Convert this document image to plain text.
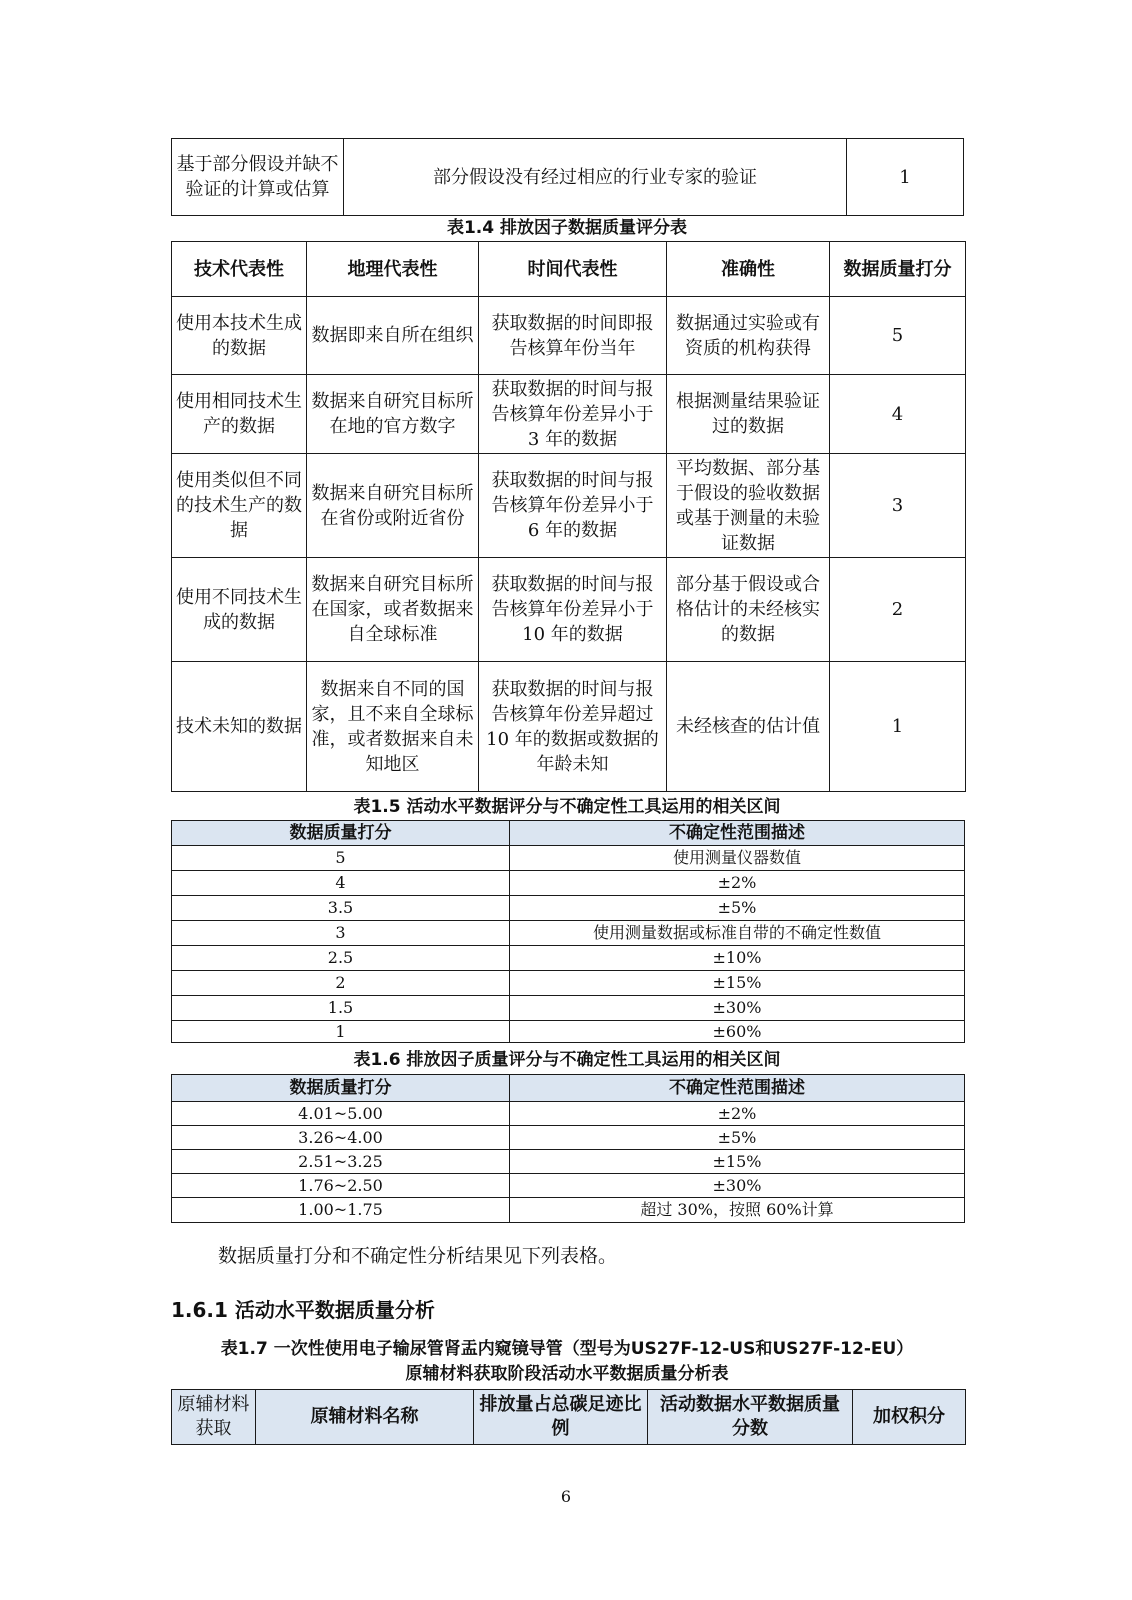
基于部分假设并缺不验证的计算或估算	部分假设没有经过相应的行业专家的验证	1
表1.4 排放因子数据质量评分表
技术代表性	地理代表性	时间代表性	准确性	数据质量打分
使用本技术生成的数据	数据即来自所在组织	获取数据的时间即报告核算年份当年	数据通过实验或有资质的机构获得	5
使用相同技术生产的数据	数据来自研究目标所在地的官方数字	获取数据的时间与报告核算年份差异小于 3 年的数据	根据测量结果验证过的数据	4
使用类似但不同的技术生产的数据	数据来自研究目标所在省份或附近省份	获取数据的时间与报告核算年份差异小于 6 年的数据	平均数据、部分基于假设的验收数据或基于测量的未验证数据	3
使用不同技术生成的数据	数据来自研究目标所在国家，或者数据来自全球标准	获取数据的时间与报告核算年份差异小于 10 年的数据	部分基于假设或合格估计的未经核实的数据	2
技术未知的数据	数据来自不同的国家，且不来自全球标准，或者数据来自未知地区	获取数据的时间与报告核算年份差异超过 10 年的数据或数据的年龄未知	未经核查的估计值	1
表1.5 活动水平数据评分与不确定性工具运用的相关区间
数据质量打分	不确定性范围描述
5	使用测量仪器数值
4	±2%
3.5	±5%
3	使用测量数据或标准自带的不确定性数值
2.5	±10%
2	±15%
1.5	±30%
1	±60%
表1.6 排放因子质量评分与不确定性工具运用的相关区间
数据质量打分	不确定性范围描述
4.01~5.00	±2%
3.26~4.00	±5%
2.51~3.25	±15%
1.76~2.50	±30%
1.00~1.75	超过 30%，按照 60%计算
数据质量打分和不确定性分析结果见下列表格。
1.6.1 活动水平数据质量分析
表1.7 一次性使用电子输尿管肾盂内窥镜导管（型号为US27F-12-US和US27F-12-EU）
原辅材料获取阶段活动水平数据质量分析表
原辅材料获取	原辅材料名称	排放量占总碳足迹比例	活动数据水平数据质量分数	加权积分
6
